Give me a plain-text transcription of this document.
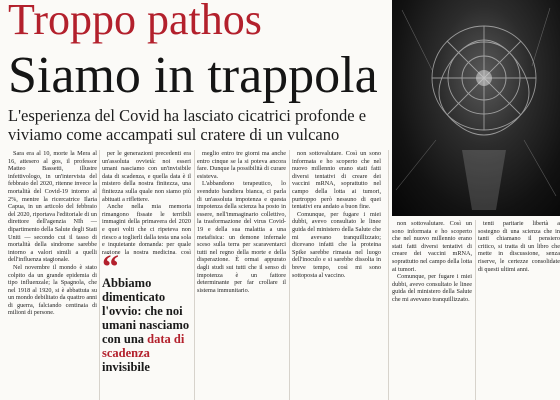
Troppo pathos
Siamo in trappola
L'esperienza del Covid ha lasciato cicatrici profonde e viviamo come accampati sul cratere di un vulcano

Sara era al 10, morte la Mera al 16, attesero al gos, il professor Matteo Bassetti, illustre infettivologo, in un'intervista del febbraio del 2020, ritenne invece la mortalità del Covid-19 intorno al 2%, mentre la ricercatrice Ilaria Capua, in un articolo del febbraio del 2020, riportava l'editoriale di un direttore dell'agenzia NIh — dipartimento della Salute degli Stati Uniti — secondo cui il tasso di mortalità della sindrome sarebbe intorno a valori simili a quelli dell'influenza stagionale.

Nel novembre il mondo è stato colpito da un grande epidemia di tipo influenzale; la Spagnola, che nel 1918 al 1920, si è abbattuta su un mondo debilitato da quattro anni di guerra, falciando centinaia di milioni di persone.

per le generazioni precedenti era un'assoluta ovvietà: noi esseri umani nasciamo con un'invisibile data di scadenza, e quella data è il mistero della nostra finitezza, una finitezza sulla quale non siamo più abituati a riflettere.

Anche nella mia memoria rimangono fissate le terribili immagini della primavera del 2020 e quei volti che ci ripeteva non riesco a toglierli dalla testa una sola e inquietante domanda: per quale ragione la nostra medicina, così

“
Abbiamo dimenticato l'ovvio: che noi umani nasciamo con una data di scadenza invisibile

meglio entro tre giorni ma anche entro cinque se la si poteva ancora fare. Dunque la possibilità di curare esisteva.

L'abbandono terapeutico, lo svenduto bandiera bianca, ci parla di un'assoluta impotenza e questa impotenza della scienza ha posto in essere, nell'immaginario collettivo, la trasformazione del virus Covid-19 e della sua malattia a una metafisica: un demone infernale sceso sulla terra per scaraventarci tutti nel regno della morte e della disperazione. È ormai appurato dagli studi sui tutti che il senso di impotenza è un fattore determinante per far crollare il sistema immunitario.

non sottovalutare. Così un sono informata e ho scoperto che nel nuovo millennio erano stati fatti diversi tentativi di creare dei vaccini mRNA, soprattutto nel campo della lotta ai tumori, purtroppo però nessuno di quei tentativi era andato a buon fine.

Comunque, per fugare i miei dubbi, avevo consultato le linee guida del ministero della Salute che mi avevano tranquillizzato; dicevano infatti che la proteina Spike sarebbe rimasta nel luogo dell'inoculo e si sarebbe dissolta in breve tempo, così mi sono sottoposta al vaccino.

non sottovalutare. Così un sono informata e ho scoperto che nel nuovo millennio erano stati fatti diversi tentativi di creare dei vaccini mRNA, soprattutto nel campo della lotta ai tumori.

Comunque, per fugare i miei dubbi, avevo consultato le linee guida del ministero della Salute che mi avevano tranquillizzato.

tenti paritarie libertà a sostegno di una scienza che in tanti chiamano il pensiero critico, si tratta di un libro che mette in discussione, senza riserve, le certezze consolidate di questi ultimi anni.
